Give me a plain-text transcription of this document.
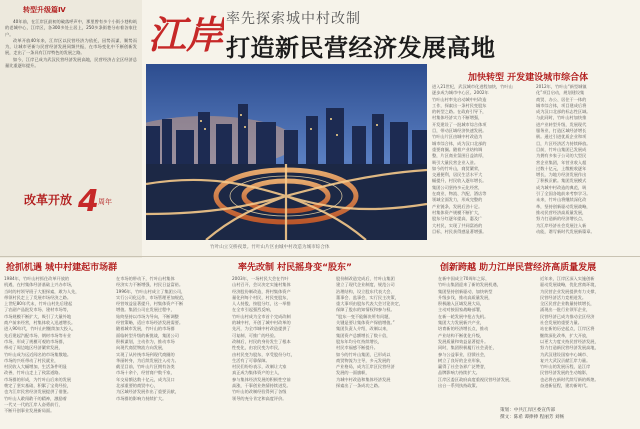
转型升级篇Ⅳ

40年前，在江岸区最初的破落呼声中，那里曾有多个小街小巷构筑的老城中心，江岸区，各300多处土居上，250多条街巷分布着各家住户。

改革开放40年来，江岸区以民营经济为依托，因势而谋、顺势而为，让城市更新与民营经济发展同频共振，在市场变化中不断创新发展，走出了一条具有江岸特色的发展之路。

如今，江岸已成为武汉民营经济发展高地，民营经济占全区经济总量比重逐年提升。

改革开放 4 周年
江岸 率先探索城中村改制
打造新民营经济发展高地
竹叶山立交桥夜景。竹叶山片区由城中村改造为城市综合体
加快转型 开发建设城市综合体
进入21世纪，武汉城市化进程加快，竹叶山
逐步成为城市中心区。2002年
竹叶山村率先启动城中村改造
工作，探索出一条村民变股东
的转型之路。在政府引导下，
村集体经济实力不断增强，
开发建设了一批城市综合体项
目，带动区域经济快速发展。
竹叶山片区由城中村改造为
城市综合体，成为汉口北部的
重要商圈。随着产业结构调
整，片区商业氛围日益浓厚，
吸引大量民营企业入驻。
如今的竹叶山，商贸繁荣，
交通便利，居民生活水平大
幅提升，村民收入逐年增长。
集团公司坚持多元化经营，
在商业、物流、汽配、酒店等
领域全面发力，形成完整的
产业链条，发展后劲十足。
村集体资产规模不断扩大，
股东分红逐年提高，惠及广
大村民，实现了共同富裕的
目标，村民获得感显著增强。
2012年，竹叶山“新型城镇
化”项目启动，规划建设集
商贸、办公、居住于一体的
城市综合体，项目建成后将
成为汉口北部的标志性区域。
与此同时，竹叶山村加快推
进产业转型升级，发展现代
服务业，打造区域经济增长
极。通过引进优质企业和项
目，片区经济活力持续释放。
目前，竹叶山集团已发展成
为拥有多家子公司的大型民
营企业集团，年营业收入超
过数十亿元，上缴税收逐年
增长，为地方经济发展作出
了积极贡献。集团发展模式
成为城中村改造的典范，吸
引了全国各地前来考察学习。
未来，竹叶山将继续深化改
革，坚持创新驱动发展战略，
推动民营经济高质量发展，
努力打造新的经济增长点，
为江岸经济社会发展注入新
动能，谱写新时代发展新篇章。
抢抓机遇 城中村建起市场群
1984年，竹叶山村抓住改革开放的
机遇，在村集体经济基础上兴办市场，
当时的村领导班子大胆探索，敢为人先，
带领村民走上了发展市场经济之路。
上世纪80年代末，竹叶山村先后建起
了农副产品批发市场、建材市场等，
市场规模不断扩大，吸引了大量外地
商户前来经营，村集体收入迅速增长。
进入90年代，竹叶山村继续加大投入，
先后建起汽配市场、钢材市场等专业
市场，形成了规模可观的市场群，
带动了周边地区经济繁荣发展，
竹叶山成为远近闻名的市场集散地。
市场的兴旺带动了村民就业，
村民收入大幅增加，生活条件明显
改善，竹叶山走上了致富道路。
市场群的形成，为竹叶山后来的发展
奠定了坚实基础，积累了宝贵经验，
也为江岸民营经济发展提供了借鉴。
竹叶山人敢闯敢干的精神，激励着
一代又一代的江岸人奋勇前行，
不断开创事业发展新局面。
在市场的带动下，竹叶山村集体
经济实力不断增强，村民日益富裕。
1996年，竹叶山村成立了集团公司，
实行公司化运作，市场管理更加规范，
经营效益显著提升，村集体资产不断
增值。集团公司在发展过程中，
始终坚持以市场为导向，不断调整
经营策略，适应市场经济发展需要。
随着城市发展，竹叶山的市场群
面临转型升级的新挑战，集团公司
积极谋划，主动作为，推动市场
向现代商贸物流方向发展，
实现了从传统市场到现代商圈的
华丽转身，为后续发展注入动力。
截至目前，竹叶山片区拥有各类
市场十余个，经营商户数千家，
年交易额达数十亿元，成为汉口
北部重要的商贸中心，
为区域经济发展作出了重要贡献，
市场群的影响力持续扩大。
率先改制 村民摇身变“股东”
2003年，一场村民大会在竹叶
山村召开，会议决定实施村集体
经济股份制改造，将村集体资产
量化到每个村民，村民变股东，
人人持股，按股分红，这一举措
在全市引起强烈反响，
竹叶山村成为全市首个完成改制
的城中村，开创了城中村改革的
先河，为全市城中村改造提供了
可复制、可推广的经验。
改制后，村民的身份发生了根本
性变化，由农民变为市民，
由村民变为股东，享受股份分红，
生活有了可靠保障。
村民们纷纷表示，改制让大家
真正成为集体资产的主人，
参与集体经济发展的积极性空前
高涨，干事创业热情持续迸发。
竹叶山的改制经验得到了各级
领导的充分肯定和高度评价。
股份制改造完成后，竹叶山集团
建立了现代企业制度，规范公司
治理结构，设立股东代表大会、
董事会、监事会，实行民主决策，
重大事项由股东代表大会讨论决定，
保障了股东的知情权和参与权。
“股东一变不能解决所有问题，
关键是要让集体资产保值增值。”
集团负责人介绍，改制以来，
集团资产总额增长了数十倍，
股东年均分红持续增长，
村民幸福感不断提升。
如今的竹叶山集团，已形成以
商贸物流为主导，多元发展的
产业格局，成为江岸区民营经济
发展的一面旗帜，
为城中村改造和集体经济发展
探索出了一条成功之路。
创新跨越 助力江岸民营经济高质量发展
在新中国成立70周年之际，
竹叶山集团迎来了新的发展机遇，
集团坚持创新驱动，加快转型
升级步伐，推动高质量发展，
积极融入区域发展大局，
主动对接国家战略部署，
在新一轮发展中抢占先机。
集团大力发展新兴产业，
培育新的经济增长点，推动
产业结构不断优化升级，
发展质量和效益显著提升。
同时，集团积极履行社会责任，
参与公益事业，回馈社会，
树立了良好的企业形象，
赢得了社会各界广泛赞誉，
品牌影响力持续扩大。
江岸区委区政府高度重视民营经济发展，
出台一系列扶持政策。
近年来，江岸区深入实施创新
驱动发展战略，优化营商环境，
为民营企业发展提供有力支撑，
民营经济活力竞相迸发。
全区民营企业数量持续增长，
涌现出一批行业领军企业，
民营经济已成为推动全区经济
社会发展的重要力量。
站在新的历史起点，江岸区将
继续深化改革，扩大开放，
以更大力度支持民营经济发展，
努力打造新民营经济发展高地，
为武汉建设国家中心城市、
复兴大武汉贡献江岸力量。
竹叶山的发展历程，是江岸
民营经济发展的生动缩影，
也必将在新时代续写新的辉煌。
奋进新征程，建功新时代。
策划：中共江岸区委宣传部
撰文：陈希 谭捧捧 程丽芳 刘畅
